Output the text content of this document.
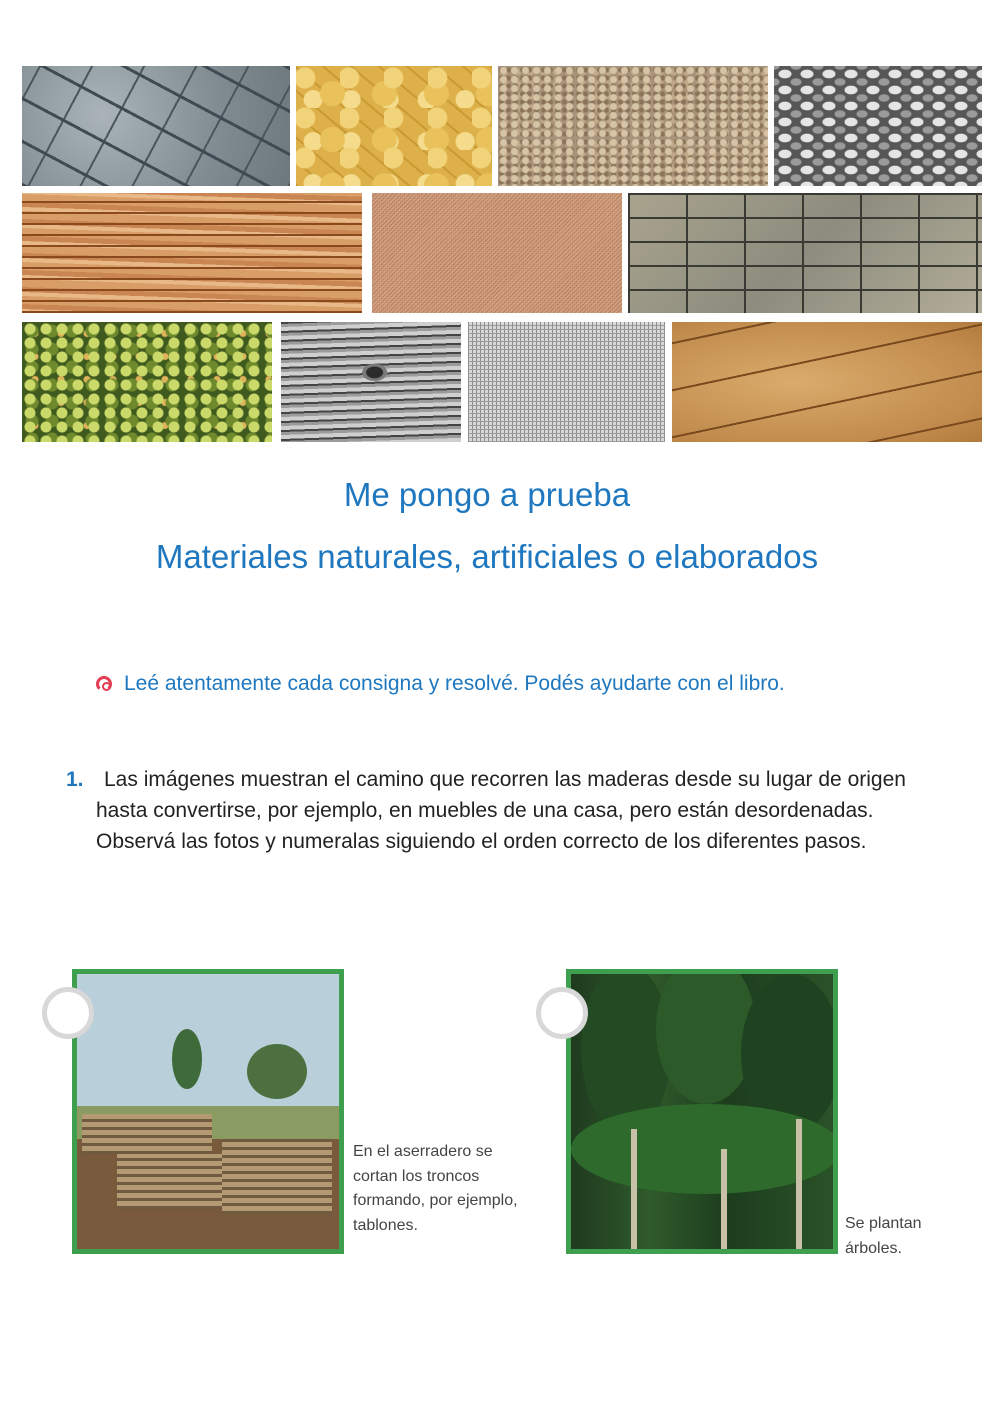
Me pongo a prueba
Materiales naturales, artificiales o elaborados
Leé atentamente cada consigna y resolvé. Podés ayudarte con el libro.
1. Las imágenes muestran el camino que recorren las maderas desde su lugar de origen hasta convertirse, por ejemplo, en muebles de una casa, pero están desordenadas. Observá las fotos y numeralas siguiendo el orden correcto de los diferentes pasos.
En el aserradero se cortan los troncos formando, por ejemplo, tablones.	Se plantan árboles.
